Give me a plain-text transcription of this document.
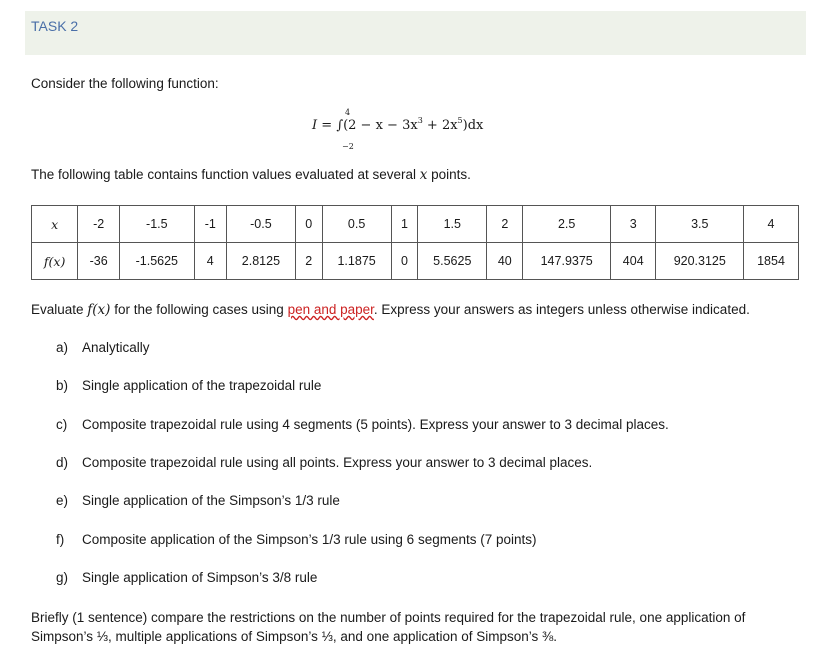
TASK 2
Consider the following function:
4
−2
$I = \int(2 - x - 3x^3 + 2x^5)dx$
The following table contains function values evaluated at several x points.
x	-2	-1.5	-1	-0.5	0	0.5	1	1.5	2	2.5	3	3.5	4
f(x)	-36	-1.5625	4	2.8125	2	1.1875	0	5.5625	40	147.9375	404	920.3125	1854
Evaluate f(x) for the following cases using pen and paper. Express your answers as integers unless otherwise indicated.
a) Analytically
b) Single application of the trapezoidal rule
c) Composite trapezoidal rule using 4 segments (5 points). Express your answer to 3 decimal places.
d) Composite trapezoidal rule using all points. Express your answer to 3 decimal places.
e) Single application of the Simpson’s 1/3 rule
f) Composite application of the Simpson’s 1/3 rule using 6 segments (7 points)
g) Single application of Simpson’s 3/8 rule
Briefly (1 sentence) compare the restrictions on the number of points required for the trapezoidal rule, one application of Simpson’s ⅓, multiple applications of Simpson’s ⅓, and one application of Simpson’s ⅜.
